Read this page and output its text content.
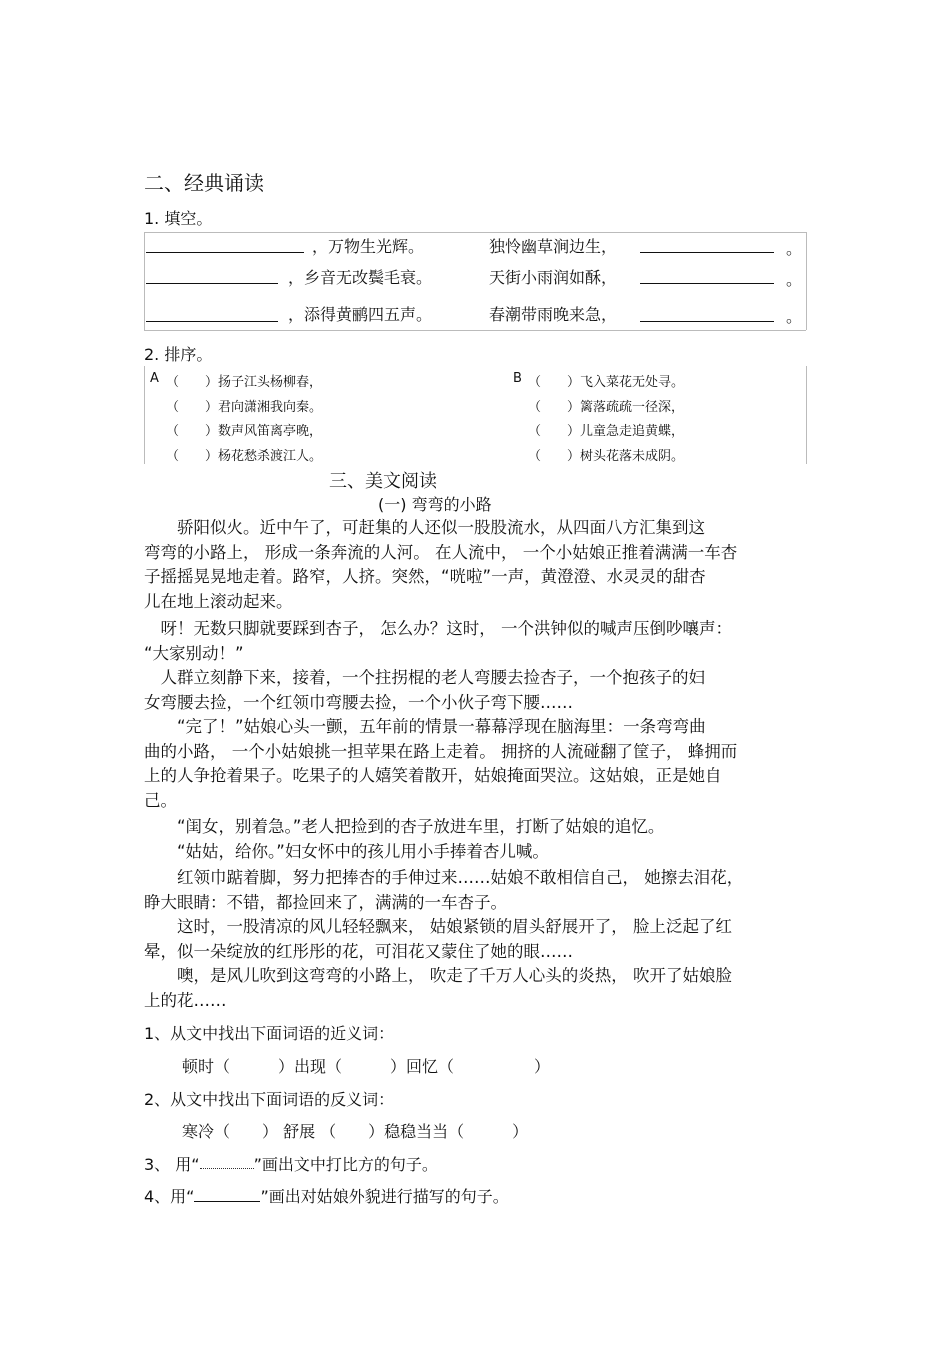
二、经典诵读
1. 填空。
，万物生光辉。	独怜幽草涧边生，	。
，乡音无改鬓毛衰。	天街小雨润如酥，	。
，添得黄鹂四五声。	春潮带雨晚来急，	。
2. 排序。
A （　　）扬子江头杨柳春，
（　　）君向潇湘我向秦。
（　　）数声风笛离亭晚，
（　　）杨花愁杀渡江人。
B （　　）飞入菜花无处寻。
（　　）篱落疏疏一径深，
（　　）儿童急走追黄蝶，
（　　）树头花落未成阴。
三、美文阅读
(一) 弯弯的小路
　　骄阳似火。近中午了，可赶集的人还似一股股流水，从四面八方汇集到这
弯弯的小路上， 形成一条奔流的人河。 在人流中， 一个小姑娘正推着满满一车杏
子摇摇晃晃地走着。路窄，人挤。突然，“咣啦”一声，黄澄澄、水灵灵的甜杏
儿在地上滚动起来。
　呀！无数只脚就要踩到杏子， 怎么办？这时， 一个洪钟似的喊声压倒吵嚷声：
“大家别动！”
　人群立刻静下来，接着，一个拄拐棍的老人弯腰去捡杏子，一个抱孩子的妇
女弯腰去捡，一个红领巾弯腰去捡，一个小伙子弯下腰……
　　“完了！”姑娘心头一颤，五年前的情景一幕幕浮现在脑海里：一条弯弯曲
曲的小路， 一个小姑娘挑一担苹果在路上走着。 拥挤的人流碰翻了筐子， 蜂拥而
上的人争抢着果子。吃果子的人嬉笑着散开，姑娘掩面哭泣。这姑娘，正是她自
己。
　　“闺女，别着急。”老人把捡到的杏子放进车里，打断了姑娘的追忆。
　　“姑姑，给你。”妇女怀中的孩儿用小手捧着杏儿喊。
　　红领巾踮着脚，努力把捧杏的手伸过来……姑娘不敢相信自己， 她擦去泪花，
睁大眼睛：不错，都捡回来了，满满的一车杏子。
　　这时，一股清凉的风儿轻轻飘来， 姑娘紧锁的眉头舒展开了， 脸上泛起了红
晕，似一朵绽放的红彤彤的花，可泪花又蒙住了她的眼……
　　噢，是风儿吹到这弯弯的小路上， 吹走了千万人心头的炎热， 吹开了姑娘脸
上的花……
1、从文中找出下面词语的近义词：
顿时（　　　）出现（　　　）回忆（　　　　　）
2、从文中找出下面词语的反义词：
寒冷（　　） 舒展 （　　）稳稳当当（　　　）
3、 用“	”画出文中打比方的句子。
4、用“	”画出对姑娘外貌进行描写的句子。
